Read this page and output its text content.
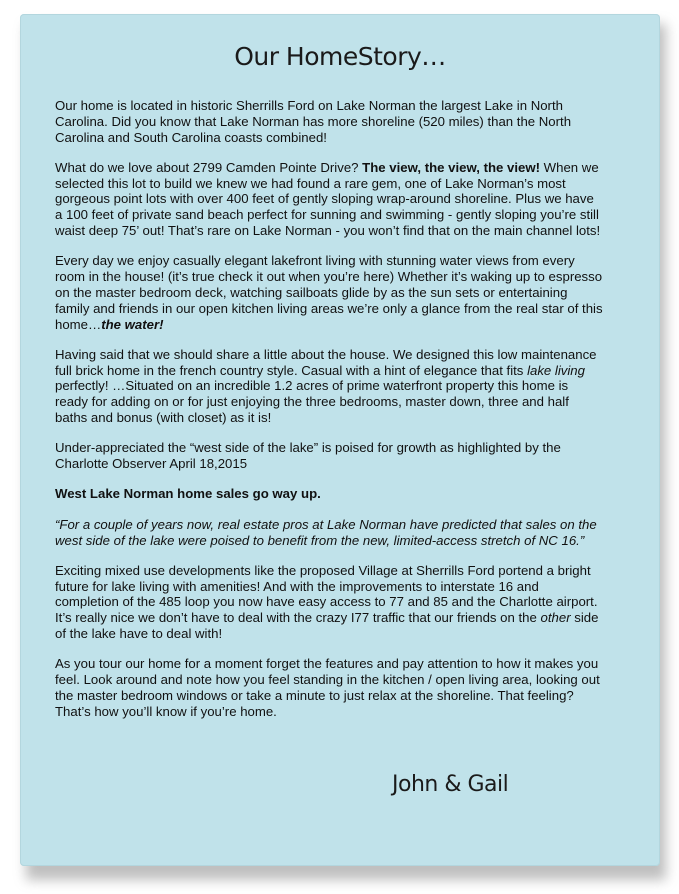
Our HomeStory…

Our home is located in historic Sherrills Ford on Lake Norman the largest Lake in North Carolina. Did you know that Lake Norman has more shoreline (520 miles) than the North Carolina and South Carolina coasts combined!

What do we love about 2799 Camden Pointe Drive? The view, the view, the view! When we selected this lot to build we knew we had found a rare gem, one of Lake Norman’s most gorgeous point lots with over 400 feet of gently sloping wrap-around shoreline. Plus we have a 100 feet of private sand beach perfect for sunning and swimming - gently sloping you’re still waist deep 75’ out! That’s rare on Lake Norman - you won’t find that on the main channel lots!

Every day we enjoy casually elegant lakefront living with stunning water views from every room in the house! (it’s true check it out when you’re here) Whether it’s waking up to espresso on the master bedroom deck, watching sailboats glide by as the sun sets or entertaining family and friends in our open kitchen living areas we’re only a glance from the real star of this home…the water!

Having said that we should share a little about the house. We designed this low maintenance full brick home in the french country style. Casual with a hint of elegance that fits lake living perfectly! …Situated on an incredible 1.2 acres of prime waterfront property this home is ready for adding on or for just enjoying the three bedrooms, master down, three and half baths and bonus (with closet) as it is!

Under-appreciated the “west side of the lake” is poised for growth as highlighted by the Charlotte Observer April 18,2015

West Lake Norman home sales go way up.

“For a couple of years now, real estate pros at Lake Norman have predicted that sales on the west side of the lake were poised to benefit from the new, limited-access stretch of NC 16.”

Exciting mixed use developments like the proposed Village at Sherrills Ford portend a bright future for lake living with amenities! And with the improvements to interstate 16 and completion of the 485 loop you now have easy access to 77 and 85 and the Charlotte airport. It’s really nice we don’t have to deal with the crazy I77 traffic that our friends on the other side of the lake have to deal with!

As you tour our home for a moment forget the features and pay attention to how it makes you feel. Look around and note how you feel standing in the kitchen / open living area, looking out the master bedroom windows or take a minute to just relax at the shoreline. That feeling? That’s how you’ll know if you’re home.

John & Gail
